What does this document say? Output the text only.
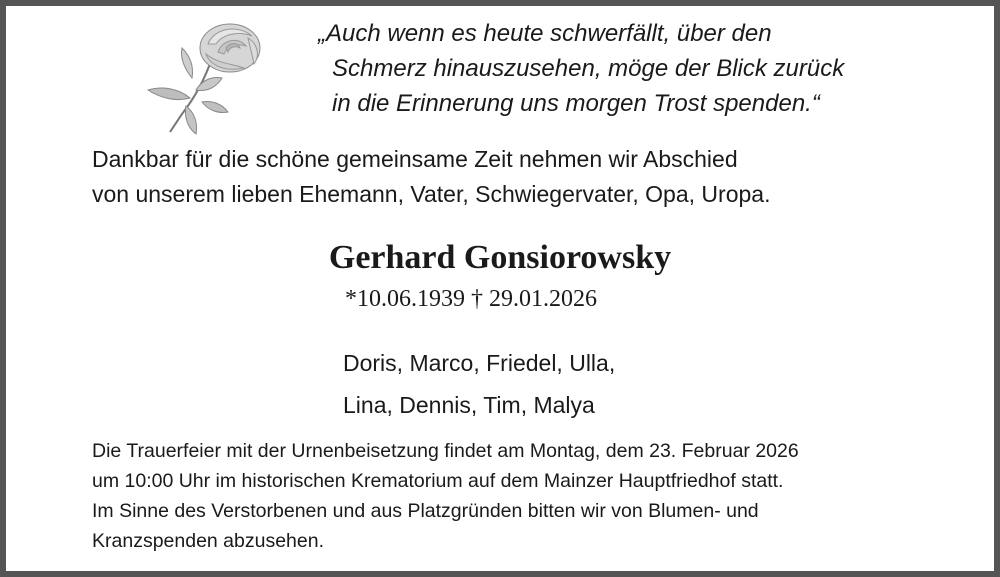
„Auch wenn es heute schwerfällt, über den
Schmerz hinauszusehen, möge der Blick zurück
in die Erinnerung uns morgen Trost spenden.“
Dankbar für die schöne gemeinsame Zeit nehmen wir Abschied
von unserem lieben Ehemann, Vater, Schwiegervater, Opa, Uropa.
Gerhard Gonsiorowsky
*10.06.1939 † 29.01.2026
Doris, Marco, Friedel, Ulla,
Lina, Dennis, Tim, Malya
Die Trauerfeier mit der Urnenbeisetzung findet am Montag, dem 23. Februar 2026
um 10:00 Uhr im historischen Krematorium auf dem Mainzer Hauptfriedhof statt.
Im Sinne des Verstorbenen und aus Platzgründen bitten wir von Blumen- und
Kranzspenden abzusehen.
